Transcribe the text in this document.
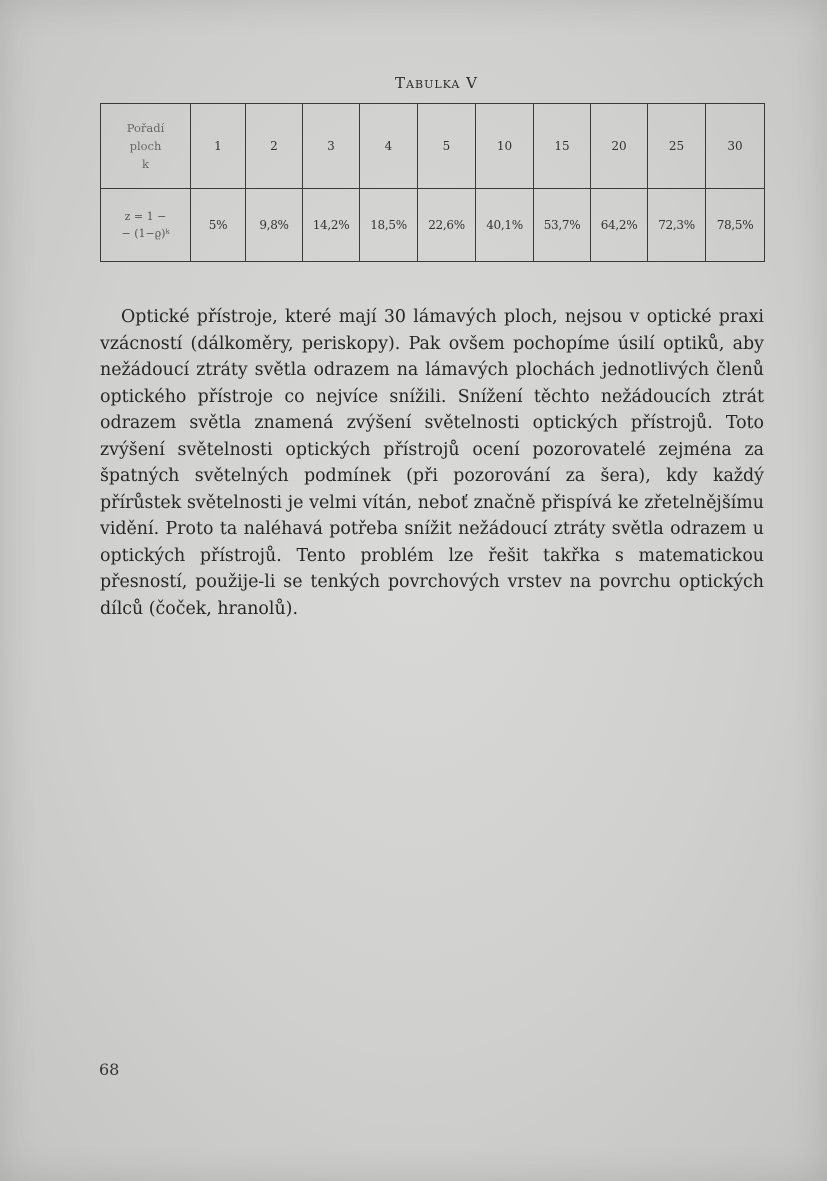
Tabulka V
Pořadí
ploch
k	1	2	3	4	5	10	15	20	25	30
z = 1 −
− (1−ϱ)ᵏ	5%	9,8%	14,2%	18,5%	22,6%	40,1%	53,7%	64,2%	72,3%	78,5%

Optické přístroje, které mají 30 lámavých ploch, nejsou v optické praxi vzácností (dálkoměry, periskopy). Pak ovšem pochopíme úsilí optiků, aby nežádoucí ztráty světla odrazem na lámavých plochách jednotlivých členů optického přístroje co nejvíce snížili. Snížení těchto nežádoucích ztrát odrazem světla znamená zvýšení světelnosti optických přístrojů. Toto zvýšení světelnosti optických přístrojů ocení pozorovatelé zejména za špatných světelných podmínek (při pozorování za šera), kdy každý přírůstek světelnosti je velmi vítán, neboť značně přispívá ke zřetelnějšímu vidění. Proto ta naléhavá potřeba snížit nežádoucí ztráty světla odrazem u optických přístrojů. Tento problém lze řešit takřka s matematickou přesností, použije-li se tenkých povrchových vrstev na povrchu optických dílců (čoček, hranolů).

68
